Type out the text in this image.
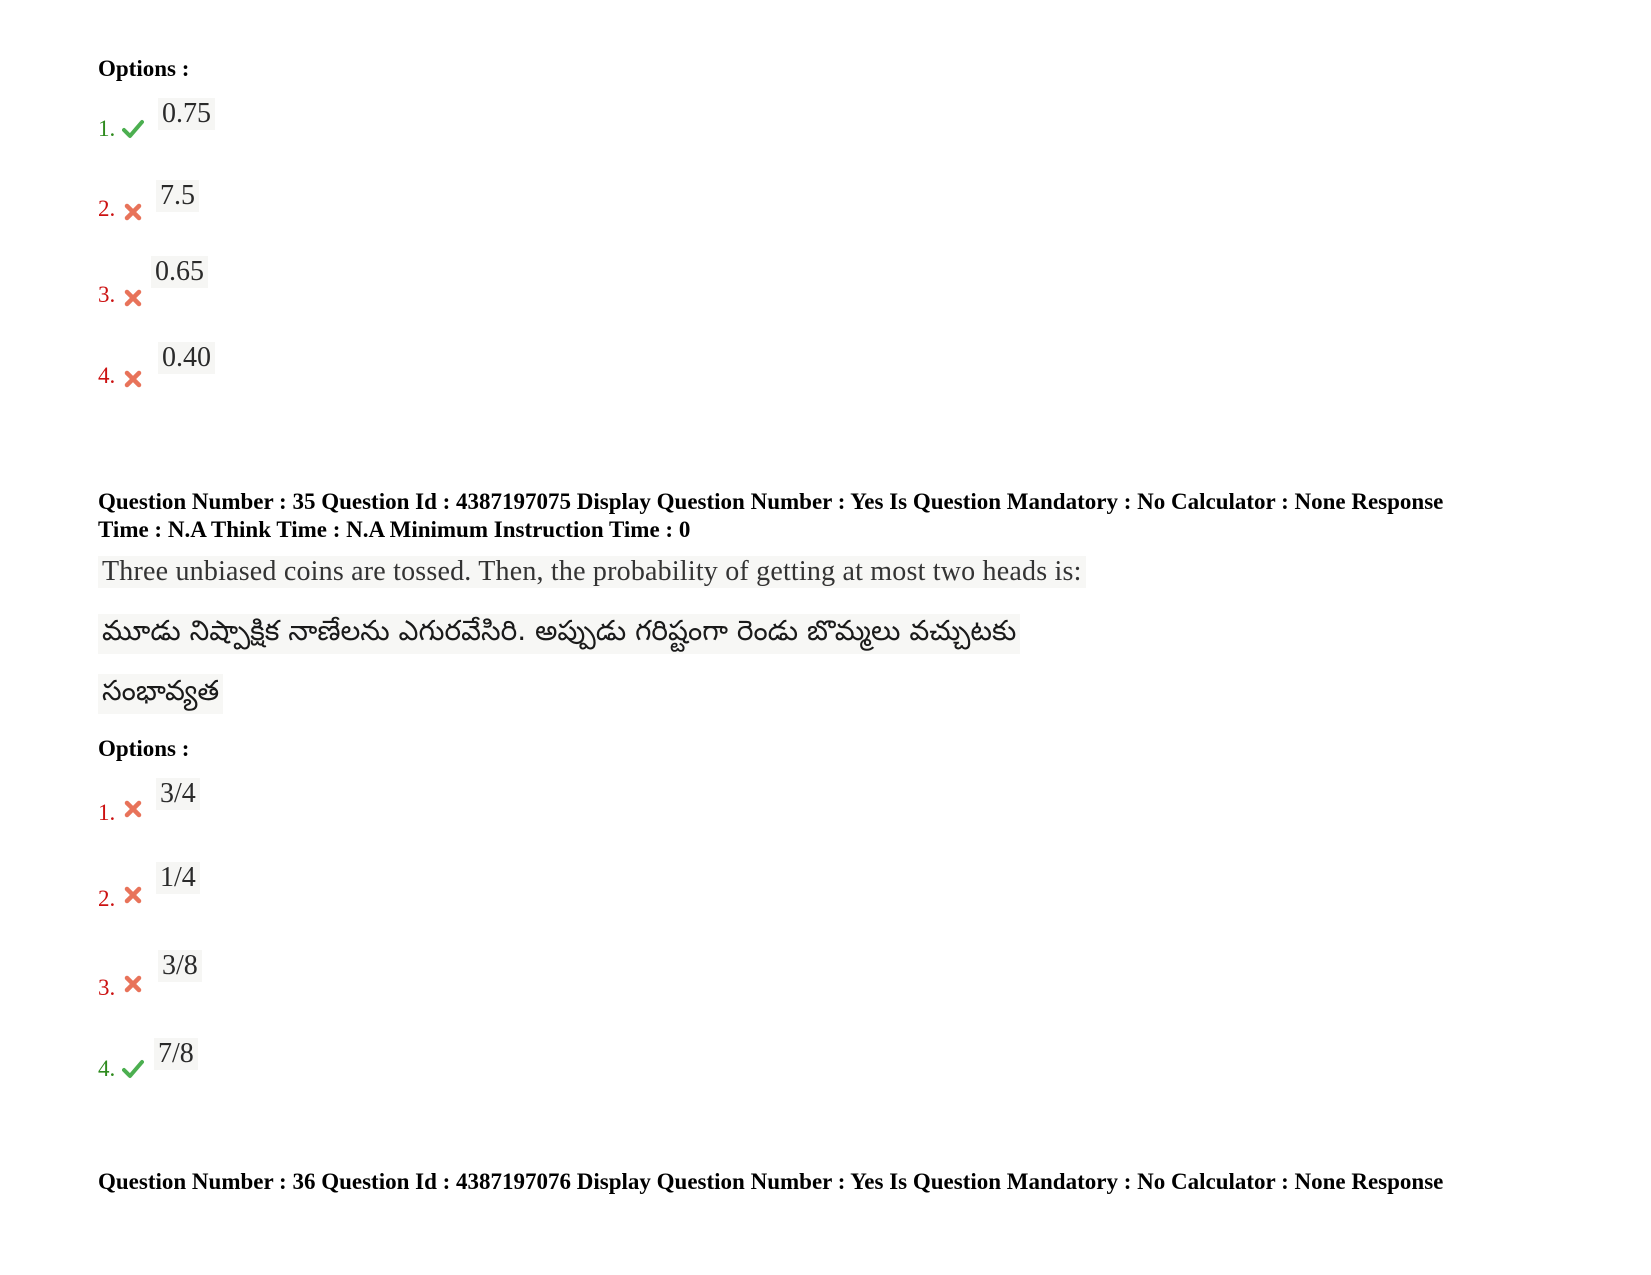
Options :
1. 0.75
2. 7.5
3.
0.65
4.
0.40
Question Number : 35 Question Id : 4387197075 Display Question Number : Yes Is Question Mandatory : No Calculator : None Response
Time : N.A Think Time : N.A Minimum Instruction Time : 0
Three unbiased coins are tossed. Then, the probability of getting at most two heads is:
మూడు నిష్పాక్షిక నాణేలను ఎగురవేసిరి. అప్పుడు గరిష్టంగా రెండు బొమ్మలు వచ్చుటకు
సంభావ్యత
Options :
1.
3/4
2.
1/4
3.
3/8
4. 7/8
Question Number : 36 Question Id : 4387197076 Display Question Number : Yes Is Question Mandatory : No Calculator : None Response
